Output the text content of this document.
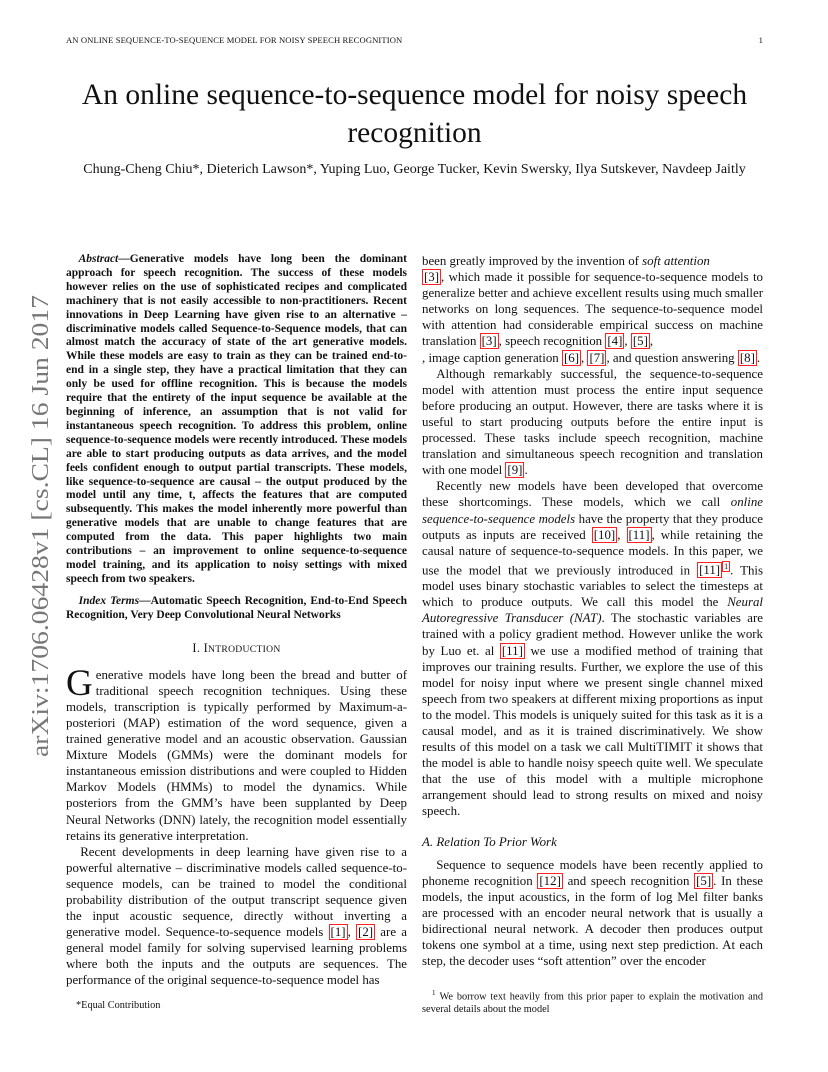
AN ONLINE SEQUENCE-TO-SEQUENCE MODEL FOR NOISY SPEECH RECOGNITION	1
arXiv:1706.06428v1 [cs.CL] 16 Jun 2017
An online sequence-to-sequence model for noisy speech recognition
Chung-Cheng Chiu*, Dieterich Lawson*, Yuping Luo, George Tucker, Kevin Swersky, Ilya Sutskever, Navdeep Jaitly

Abstract—Generative models have long been the dominant approach for speech recognition. The success of these models however relies on the use of sophisticated recipes and complicated machinery that is not easily accessible to non-practitioners. Recent innovations in Deep Learning have given rise to an alternative – discriminative models called Sequence-to-Sequence models, that can almost match the accuracy of state of the art generative models. While these models are easy to train as they can be trained end-to-end in a single step, they have a practical limitation that they can only be used for offline recognition. This is because the models require that the entirety of the input sequence be available at the beginning of inference, an assumption that is not valid for instantaneous speech recognition. To address this problem, online sequence-to-sequence models were recently introduced. These models are able to start producing outputs as data arrives, and the model feels confident enough to output partial transcripts. These models, like sequence-to-sequence are causal – the output produced by the model until any time, t, affects the features that are computed subsequently. This makes the model inherently more powerful than generative models that are unable to change features that are computed from the data. This paper highlights two main contributions – an improvement to online sequence-to-sequence model training, and its application to noisy settings with mixed speech from two speakers.

Index Terms—Automatic Speech Recognition, End-to-End Speech Recognition, Very Deep Convolutional Neural Networks

I. INTRODUCTION

Generative models have long been the bread and butter of traditional speech recognition techniques. Using these models, transcription is typically performed by Maximum-a-posteriori (MAP) estimation of the word sequence, given a trained generative model and an acoustic observation. Gaussian Mixture Models (GMMs) were the dominant models for instantaneous emission distributions and were coupled to Hidden Markov Models (HMMs) to model the dynamics. While posteriors from the GMM’s have been supplanted by Deep Neural Networks (DNN) lately, the recognition model essentially retains its generative interpretation.

Recent developments in deep learning have given rise to a powerful alternative – discriminative models called sequence-to-sequence models, can be trained to model the conditional probability distribution of the output transcript sequence given the input acoustic sequence, directly without inverting a generative model. Sequence-to-sequence models [1] , [2] are a general model family for solving supervised learning problems where both the inputs and the outputs are sequences. The performance of the original sequence-to-sequence model has

been greatly improved by the invention of soft attention
[3] , which made it possible for sequence-to-sequence models to generalize better and achieve excellent results using much smaller networks on long sequences. The sequence-to-sequence model with attention had considerable empirical success on machine translation [3] , speech recognition [4] , [5] ,
, image caption generation [6] , [7] , and question answering [8] .

Although remarkably successful, the sequence-to-sequence model with attention must process the entire input sequence before producing an output. However, there are tasks where it is useful to start producing outputs before the entire input is processed. These tasks include speech recognition, machine translation and simultaneous speech recognition and translation with one model [9] .

Recently new models have been developed that overcome these shortcomings. These models, which we call online sequence-to-sequence models have the property that they produce outputs as inputs are received [10] , [11] , while retaining the causal nature of sequence-to-sequence models. In this paper, we use the model that we previously introduced in [11] $^1$ . This model uses binary stochastic variables to select the timesteps at which to produce outputs. We call this model the Neural Autoregressive Transducer (NAT). The stochastic variables are trained with a policy gradient method. However unlike the work by Luo et. al [11] we use a modified method of training that improves our training results. Further, we explore the use of this model for noisy input where we present single channel mixed speech from two speakers at different mixing proportions as input to the model. This models is uniquely suited for this task as it is a causal model, and as it is trained discriminatively. We show results of this model on a task we call MultiTIMIT it shows that the model is able to handle noisy speech quite well. We speculate that the use of this model with a multiple microphone arrangement should lead to strong results on mixed and noisy speech.

A. Relation To Prior Work

Sequence to sequence models have been recently applied to phoneme recognition [12] and speech recognition [5] . In these models, the input acoustics, in the form of log Mel filter banks are processed with an encoder neural network that is usually a bidirectional neural network. A decoder then produces output tokens one symbol at a time, using next step prediction. At each step, the decoder uses “soft attention” over the encoder

*Equal Contribution
$^1$ We borrow text heavily from this prior paper to explain the motivation and several details about the model
